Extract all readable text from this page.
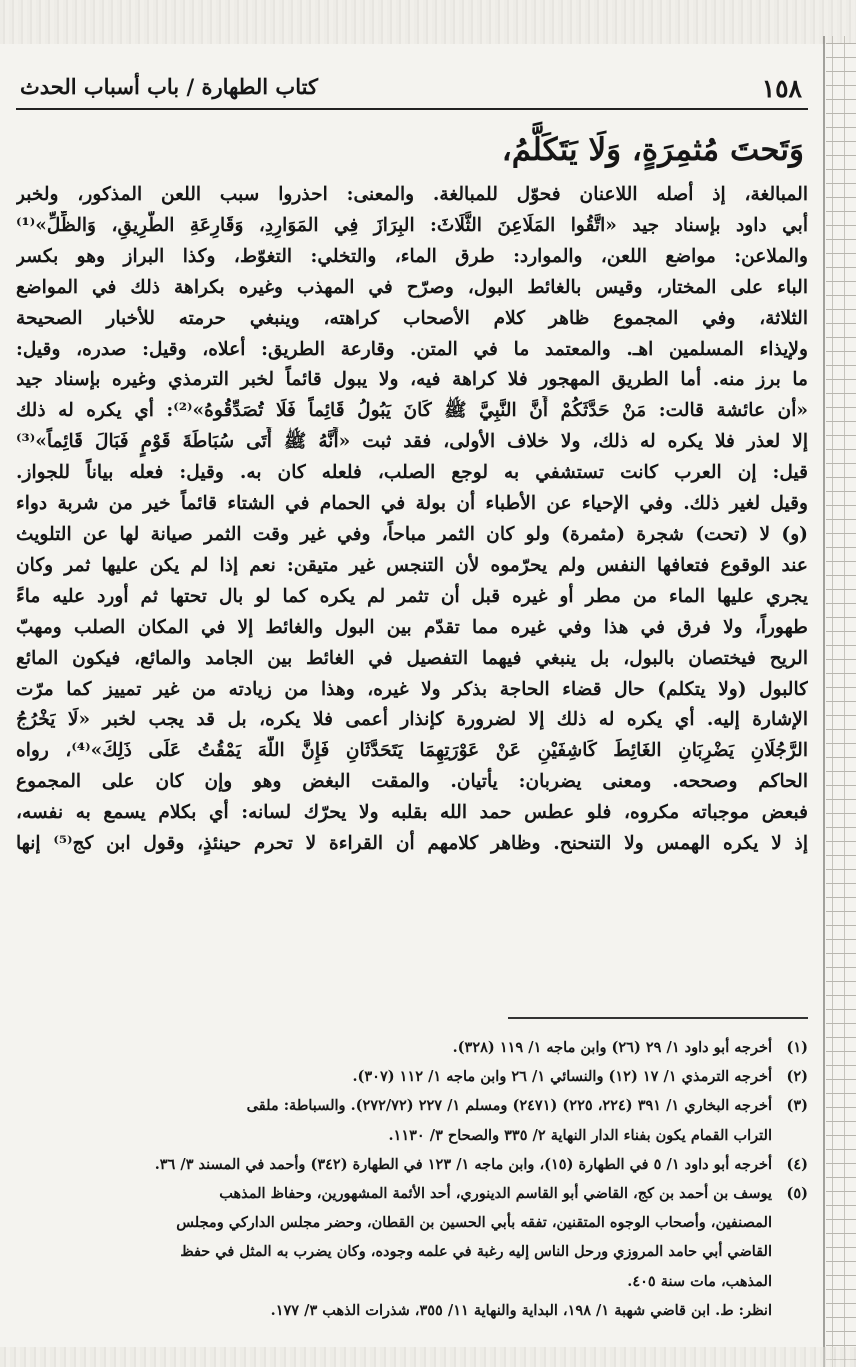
١٥٨
كتاب الطهارة / باب أسباب الحدث
وَتَحتَ مُثمِرَةٍ، وَلَا يَتَكَلَّمُ،
المبالغة، إذ أصله اللاعنان فحوّل للمبالغة. والمعنى: احذروا سبب اللعن المذكور، ولخبر
أبي داود بإسناد جيد «اتَّقُوا المَلَاعِنَ الثَّلَاثَ: البِرَازَ فِي المَوَارِدِ، وَقَارِعَةِ الطَّرِيقِ، وَالظِّلِّ»⁽¹⁾
والملاعن: مواضع اللعن، والموارد: طرق الماء، والتخلي: التغوّط، وكذا البراز وهو بكسر
الباء على المختار، وقيس بالغائط البول، وصرّح في المهذب وغيره بكراهة ذلك في المواضع
الثلاثة، وفي المجموع ظاهر كلام الأصحاب كراهته، وينبغي حرمته للأخبار الصحيحة
ولإيذاء المسلمين اهـ. والمعتمد ما في المتن. وقارعة الطريق: أعلاه، وقيل: صدره، وقيل:
ما برز منه. أما الطريق المهجور فلا كراهة فيه، ولا يبول قائماً لخبر الترمذي وغيره بإسناد جيد
«أن عائشة قالت: مَنْ حَدَّثَكُمْ أَنَّ النَّبِيَّ ﷺ كَانَ يَبُولُ قَائِماً فَلَا تُصَدِّقُوهُ»⁽²⁾: أي يكره له ذلك
إلا لعذر فلا يكره له ذلك، ولا خلاف الأولى، فقد ثبت «أَنَّهُ ﷺ أَتَى سُبَاطَةَ قَوْمٍ فَبَالَ قَائِماً»⁽³⁾
قيل: إن العرب كانت تستشفي به لوجع الصلب، فلعله كان به. وقيل: فعله بياناً للجواز.
وقيل لغير ذلك. وفي الإحياء عن الأطباء أن بولة في الحمام في الشتاء قائماً خير من شربة دواء
(و) لا (تحت) شجرة (مثمرة) ولو كان الثمر مباحاً، وفي غير وقت الثمر صيانة لها عن التلويث
عند الوقوع فتعافها النفس ولم يحرّموه لأن التنجس غير متيقن: نعم إذا لم يكن عليها ثمر وكان
يجري عليها الماء من مطر أو غيره قبل أن تثمر لم يكره كما لو بال تحتها ثم أورد عليه ماءً
طهوراً، ولا فرق في هذا وفي غيره مما تقدّم بين البول والغائط إلا في المكان الصلب ومهبّ
الريح فيختصان بالبول، بل ينبغي فيهما التفصيل في الغائط بين الجامد والمائع، فيكون المائع
كالبول (ولا يتكلم) حال قضاء الحاجة بذكر ولا غيره، وهذا من زيادته من غير تمييز كما مرّت
الإشارة إليه. أي يكره له ذلك إلا لضرورة كإنذار أعمى فلا يكره، بل قد يجب لخبر «لَا يَخْرُجُ
الرَّجُلَانِ يَضْرِبَانِ الغَائِطَ كَاشِفَيْنِ عَنْ عَوْرَتِهِمَا يَتَحَدَّثَانِ فَإِنَّ اللَّهَ يَمْقُتُ عَلَى ذَلِكَ»⁽⁴⁾، رواه
الحاكم وصححه. ومعنى يضربان: يأتيان. والمقت البغض وهو وإن كان على المجموع
فبعض موجباته مكروه، فلو عطس حمد الله بقلبه ولا يحرّك لسانه: أي بكلام يسمع به نفسه،
إذ لا يكره الهمس ولا التنحنح. وظاهر كلامهم أن القراءة لا تحرم حينئذٍ، وقول ابن كج⁽⁵⁾ إنها
(١)
أخرجه أبو داود ١/ ٢٩ (٢٦) وابن ماجه ١/ ١١٩ (٣٢٨).
(٢)
أخرجه الترمذي ١/ ١٧ (١٢) والنسائي ١/ ٢٦ وابن ماجه ١/ ١١٢ (٣٠٧).
(٣)
أخرجه البخاري ١/ ٣٩١ (٢٢٤، ٢٢٥) (٢٤٧١) ومسلم ١/ ٢٢٧ (٢٧٢/٧٢). والسباطة: ملقى
التراب القمام يكون بفناء الدار النهاية ٢/ ٣٣٥ والصحاح ٣/ ١١٣٠.
(٤)
أخرجه أبو داود ١/ ٥ في الطهارة (١٥)، وابن ماجه ١/ ١٢٣ في الطهارة (٣٤٢) وأحمد في المسند ٣/ ٣٦.
(٥)
يوسف بن أحمد بن كج، القاضي أبو القاسم الدينوري، أحد الأئمة المشهورين، وحفاظ المذهب
المصنفين، وأصحاب الوجوه المتقنين، تفقه بأبي الحسين بن القطان، وحضر مجلس الداركي ومجلس
القاضي أبي حامد المروزي ورحل الناس إليه رغبة في علمه وجوده، وكان يضرب به المثل في حفظ
المذهب، مات سنة ٤٠٥.
انظر: ط. ابن قاضي شهبة ١/ ١٩٨، البداية والنهاية ١١/ ٣٥٥، شذرات الذهب ٣/ ١٧٧.
